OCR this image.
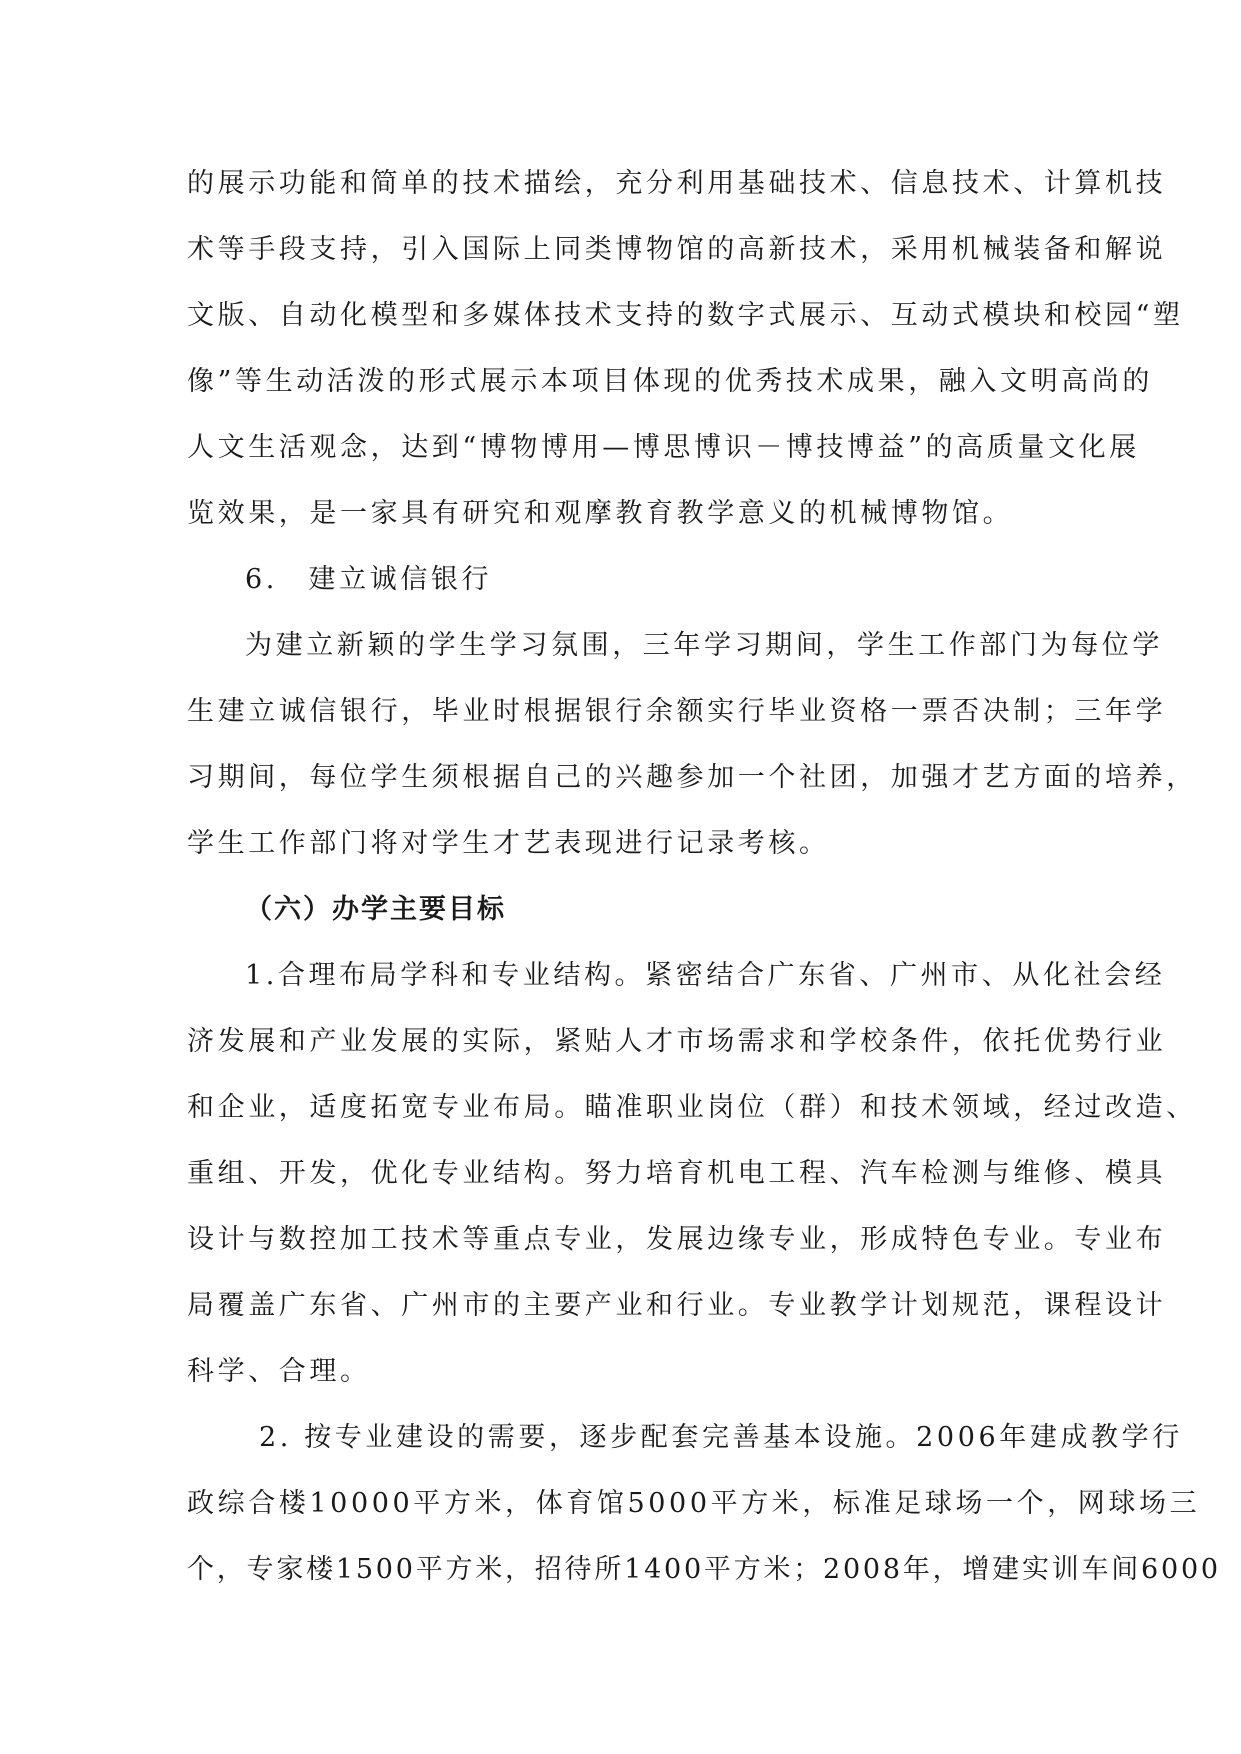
的展示功能和简单的技术描绘，充分利用基础技术、信息技术、计算机技
术等手段支持，引入国际上同类博物馆的高新技术，采用机械装备和解说
文版、自动化模型和多媒体技术支持的数字式展示、互动式模块和校园“塑
像”等生动活泼的形式展示本项目体现的优秀技术成果，融入文明高尚的
人文生活观念，达到“博物博用—博思博识－博技博益”的高质量文化展
览效果，是一家具有研究和观摩教育教学意义的机械博物馆。
6.　建立诚信银行
为建立新颖的学生学习氛围，三年学习期间，学生工作部门为每位学
生建立诚信银行，毕业时根据银行余额实行毕业资格一票否决制；三年学
习期间，每位学生须根据自己的兴趣参加一个社团，加强才艺方面的培养，
学生工作部门将对学生才艺表现进行记录考核。
（六）办学主要目标
1.合理布局学科和专业结构。紧密结合广东省、广州市、从化社会经
济发展和产业发展的实际，紧贴人才市场需求和学校条件，依托优势行业
和企业，适度拓宽专业布局。瞄准职业岗位（群）和技术领域，经过改造、
重组、开发，优化专业结构。努力培育机电工程、汽车检测与维修、模具
设计与数控加工技术等重点专业，发展边缘专业，形成特色专业。专业布
局覆盖广东省、广州市的主要产业和行业。专业教学计划规范，课程设计
科学、合理。
2. 按专业建设的需要，逐步配套完善基本设施。2006年建成教学行
政综合楼10000平方米，体育馆5000平方米，标准足球场一个，网球场三
个，专家楼1500平方米，招待所1400平方米；2008年，增建实训车间6000
